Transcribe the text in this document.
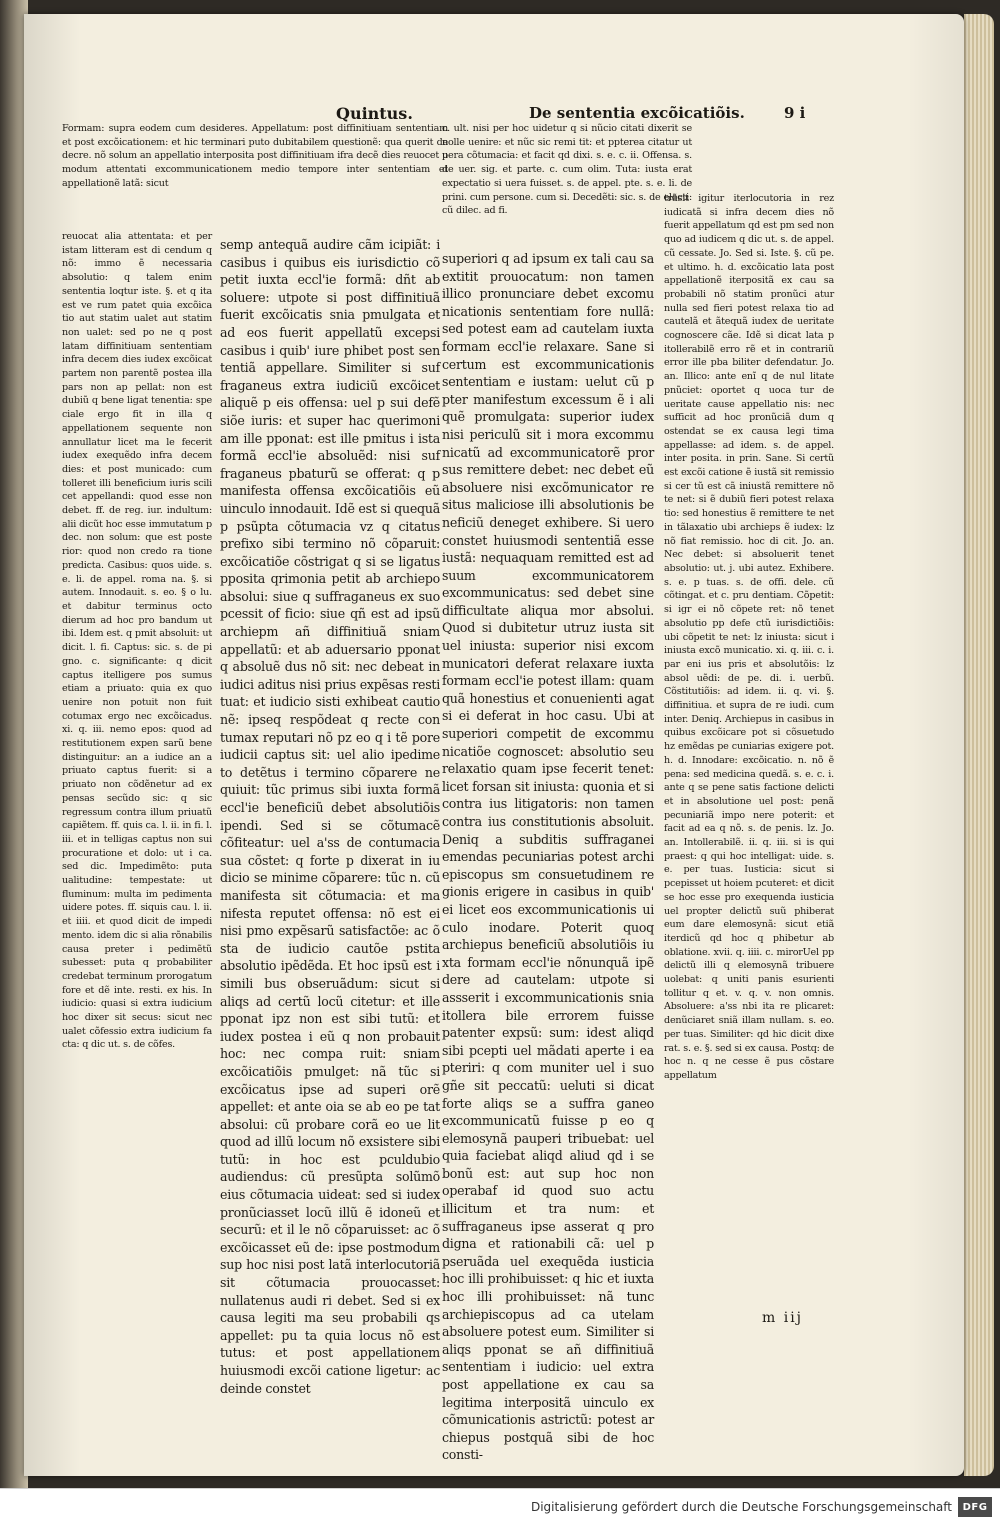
Quintus.	De sententia excõicatiõis.	9 i

Formam: supra eodem cum desideres. Appellatum: post diffinitiuam sententiam et post excõicationem: et hic terminari puto dubitabilem questionẽ: qua querit de decre. nõ solum an appellatio interposita post diffinitiuam ifra decẽ dies reuocet p modum attentati excommunicationem medio tempore inter sententiam et appellationẽ latã: sicut

reuocat alia attentata: et per istam litteram est di cendum q nõ: immo ẽ necessaria absolutio: q talem enim sententia loqtur iste. §. et q ita est ve rum patet quia excõica tio aut statim ualet aut statim non ualet: sed po ne q post latam diffinitiuam sententiam infra decem dies iudex excõicat partem non parentẽ postea illa pars non ap pellat: non est dubiũ q bene ligat tenentia: spe ciale ergo fit in illa q appellationem sequente non annullatur licet ma le fecerit iudex exequẽdo infra decem dies: et post municado: cum tolleret illi beneficium iuris scili cet appellandi: quod esse non debet. ff. de reg. iur. indultum: alii dicũt hoc esse immutatum p dec. non solum: que est poste rior: quod non credo ra tione predicta. Casibus: quos uide. s. e. li. de appel. roma na. §. si autem. Innodauit. s. eo. § o lu. et dabitur terminus octo dierum ad hoc pro bandum ut ibi. Idem est. q pmit absoluit: ut dicit. l. fi. Captus: sic. s. de pi gno. c. significante: q dicit captus itelligere pos sumus etiam a priuato: quia ex quo uenire non potuit non fuit cotumax ergo nec excõicadus. xi. q. iii. nemo epos: quod ad restitutionem expen sarũ bene distinguitur: an a iudice an a priuato captus fuerit: si a priuato non cõdẽnetur ad ex pensas secũdo sic: q sic regressum contra illum priuatũ capiẽtem. ff. quis ca. l. ii. in fi. l. iii. et in telligas captus non sui procuratione et dolo: ut i ca. sed dic. Impedimẽto: puta ualitudine: tempestate: ut fluminum: multa im pedimenta uidere potes. ff. siquis cau. l. ii. et iiii. et quod dicit de impedi mento. idem dic si alia rõnabilis causa preter i pedimẽtũ subesset: puta q probabiliter credebat terminum prorogatum fore et dẽ inte. resti. ex his. In iudicio: quasi si extra iudicium hoc dixer sit secus: sicut nec ualet cõfessio extra iudicium fa cta: q dic ut. s. de cõfes.

semp antequã audire cãm icipiãt: i casibus i quibus eis iurisdictio cõ petit iuxta eccl'ie formã: dñt ab soluere: utpote si post diffinitiuã fuerit excõicatis snia pmulgata et ad eos fuerit appellatũ excepsi casibus i quib' iure phibet post sen tentiã appellare. Similiter si suf fraganeus extra iudiciũ excõicet aliquẽ p eis offensa: uel p sui defẽ siõe iuris: et super hac querimoni am ille pponat: est ille pmitus i ista formã eccl'ie absoluẽd: nisi suf fraganeus pbaturũ se offerat: q p manifesta offensa excõicatiõis eũ uinculo innodauit. Idẽ est si quequã p psũpta cõtumacia vz q citatus prefixo sibi termino nõ cõparuit: excõicatiõe cõstrigat q si se ligatus pposita qrimonia petit ab archiepo absolui: siue q suffraganeus ex suo pcessit of ficio: siue qñ est ad ipsũ archiepm añ diffinitiuã sniam appellatũ: et ab aduersario pponat q absoluẽ dus nõ sit: nec debeat in iudici aditus nisi prius expẽsas resti tuat: et iudicio sisti exhibeat cautio nẽ: ipseq respõdeat q recte con tumax reputari nõ pz eo q i tẽ pore iudicii captus sit: uel alio ipedime to detẽtus i termino cõparere ne quiuit: tũc primus sibi iuxta formã eccl'ie beneficiũ debet absolutiõis ipendi. Sed si se cõtumacẽ cõfiteatur: uel a'ss de contumacia sua cõstet: q forte p dixerat in iu dicio se minime cõparere: tũc n. cũ manifesta sit cõtumacia: et ma nifesta reputet offensa: nõ est ei nisi pmo expẽsarũ satisfactõe: ac õ sta de iudicio cautõe pstita absolutio ipẽdẽda. Et hoc ipsũ est i simili bus obseruãdum: sicut si aliqs ad certũ locũ citetur: et ille pponat ipz non est sibi tutũ: et iudex postea i eũ q non probauit hoc: nec compa ruit: sniam excõicatiõis pmulget: nã tũc si excõicatus ipse ad superi orẽ appellet: et ante oia se ab eo pe tat absolui: cũ probare corã eo ue lit quod ad illũ locum nõ exsistere sibi tutũ: in hoc est pculdubio audiendus: cũ presũpta solũmõ eius cõtumacia uideat: sed si iudex pronũciasset locũ illũ ẽ idoneũ et securũ: et il le nõ cõparuisset: ac õ excõicasset eũ de: ipse postmodum sup hoc nisi post latã interlocutoriã sit cõtumacia prouocasset: nullatenus audi ri debet. Sed si ex causa legiti ma seu probabili qs appellet: pu ta quia locus nõ est tutus: et post appellationem huiusmodi excõi catione ligetur: ac deinde constet

c. ult. nisi per hoc uidetur q si nũcio citati dixerit se nolle uenire: et nũc sic remi tit: et ppterea citatur ut uera cõtumacia: et facit qd dixi. s. e. c. ii. Offensa. s. de uer. sig. et parte. c. cum olim. Tuta: iusta erat expectatio si uera fuisset. s. de appel. pte. s. e. li. de prini. cum persone. cum si. Decedẽti: sic. s. de electi: cũ dilec. ad fi.

superiori q ad ipsum ex tali cau sa extitit prouocatum: non tamen illico pronunciare debet excomu nicationis sententiam fore nullã: sed potest eam ad cautelam iuxta formam eccl'ie relaxare. Sane si certum est excommunicationis sententiam e iustam: uelut cũ p pter manifestum excessum ẽ i ali quẽ promulgata: superior iudex nisi periculũ sit i mora excommu nicatũ ad excommunicatorẽ pror sus remittere debet: nec debet eũ absoluere nisi excõmunicator re situs maliciose illi absolutionis be neficiũ deneget exhibere. Si uero constet huiusmodi sententiã esse iustã: nequaquam remitted est ad suum excommunicatorem excommunicatus: sed debet sine difficultate aliqua mor absolui. Quod si dubitetur utruz iusta sit uel iniusta: superior nisi excom municatori deferat relaxare iuxta formam eccl'ie potest illam: quam quã honestius et conuenienti agat si ei deferat in hoc casu. Ubi at superiori competit de excommu nicatiõe cognoscet: absolutio seu relaxatio quam ipse fecerit tenet: licet forsan sit iniusta: quonia et si contra ius litigatoris: non tamen contra ius constitutionis absoluit. Deniq a subditis suffraganei emendas pecuniarias potest archi episcopus sm consuetudinem re gionis erigere in casibus in quib' ei licet eos excommunicationis ui culo inodare. Poterit quoq archiepus beneficiũ absolutiõis iu xta formam eccl'ie nõnunquã ipẽ dere ad cautelam: utpote si assserit i excommunicationis snia itollera bile errorem fuisse patenter expsũ: sum: idest aliqd sibi pcepti uel mãdati aperte i ea pteriri: q com muniter uel i suo gñe sit peccatũ: ueluti si dicat forte aliqs se a suffra ganeo excommunicatũ fuisse p eo q elemosynã pauperi tribuebat: uel quia faciebat aliqd aliud qd i se bonũ est: aut sup hoc non operabaf id quod suo actu illicitum et tra num: et suffraganeus ipse asserat q pro digna et rationabili cã: uel p pseruãda uel exequẽda iusticia hoc illi prohibuisset: q hic et iuxta hoc illi prohibuisset: nã tunc archiepiscopus ad ca utelam absoluere potest eum. Similiter si aliqs pponat se añ diffinitiuã sententiam i iudicio: uel extra post appellatione ex cau sa legitima interpositã uinculo ex cõmunicationis astrictũ: potest ar chiepus postquã sibi de hoc consti-

trãsit igitur iterlocutoria in rez iudicatã si infra decem dies nõ fuerit appellatum qd est pm sed non quo ad iudicem q dic ut. s. de appel. cũ cessate. Jo. Sed si. Iste. §. cũ pe. et ultimo. h. d. excõicatio lata post appellationẽ iterpositã ex cau sa probabili nõ statim pronũci atur nulla sed fieri potest relaxa tio ad cautelã et ãtequã iudex de ueritate cognoscere cãe. Idẽ si dicat lata p itollerabilẽ erro rẽ et in contrariũ error ille pba biliter defendatur. Jo. an. Illico: ante enĩ q de nul litate pnũciet: oportet q uoca tur de ueritate cause appellatio nis: nec sufficit ad hoc pronũciã dum q ostendat se ex causa legi tima appellasse: ad idem. s. de appel. inter posita. in prin. Sane. Si certũ est excõi catione ẽ iustã sit remissio si cer tũ est cã iniustã remittere nõ te net: si ẽ dubiũ fieri potest relaxa tio: sed honestius ẽ remittere te net in tãlaxatio ubi archieps ẽ iudex: lz nõ fiat remissio. hoc di cit. Jo. an. Nec debet: si absoluerit tenet absolutio: ut. j. ubi autez. Exhibere. s. e. p tuas. s. de offi. dele. cũ cõtingat. et c. pru dentiam. Cõpetit: si igr ei nõ cõpete ret: nõ tenet absolutio pp defe ctũ iurisdictiõis: ubi cõpetit te net: lz iniusta: sicut i iniusta excõ municatio. xi. q. iii. c. i. par eni ius pris et absolutõis: lz absol uẽdi: de pe. di. i. uerbũ. Cõstitutiõis: ad idem. ii. q. vi. §. diffinitiua. et supra de re iudi. cum inter. Deniq. Archiepus in casibus in quibus excõicare pot si cõsuetudo hz emẽdas pe cuniarias exigere pot. h. d. Innodare: excõicatio. n. nõ ẽ pena: sed medicina quedã. s. e. c. i. ante q se pene satis factione delicti et in absolutione uel post: penã pecuniariã impo nere poterit: et facit ad ea q nõ. s. de penis. lz. Jo. an. Intollerabilẽ. ii. q. iii. si is qui praest: q qui hoc intelligat: uide. s. e. per tuas. Iusticia: sicut si pcepisset ut hoiem pcuteret: et dicit se hoc esse pro exequenda iusticia uel propter delictũ suũ phiberat eum dare elemosynã: sicut etiã iterdicũ qd hoc q phibetur ab oblatione. xvii. q. iiii. c. mirorUel pp delictũ illi q elemosynã tribuere uolebat: q uniti panis esurienti tollitur q et. v. q. v. non omnis. Absoluere: a'ss nbi ita re plicaret: denũciaret sniã illam nullam. s. eo. per tuas. Similiter: qd hic dicit dixe rat. s. e. §. sed si ex causa. Postq: de hoc n. q ne cesse ẽ pus cõstare appellatum

m iij
Digitalisierung gefördert durch die Deutsche Forschungsgemeinschaft	DFG
